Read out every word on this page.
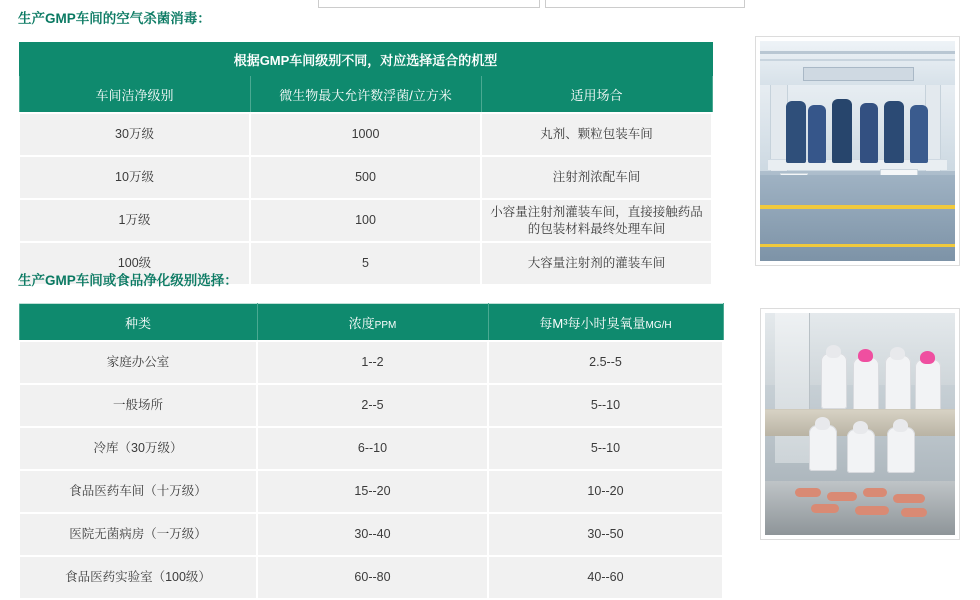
生产GMP车间的空气杀菌消毒：
根据GMP车间级别不同，对应选择适合的机型		
车间洁净级别	微生物最大允许数浮菌/立方米	适用场合
30万级	1000	丸剂、颗粒包装车间
10万级	500	注射剂浓配车间
1万级	100	小容量注射剂灌装车间，直接接触药品的包装材料最终处理车间
100级	5	大容量注射剂的灌装车间
生产GMP车间或食品净化级别选择：
种类	浓度PPM	每M³每小时臭氧量MG/H
家庭办公室	1--2	2.5--5
一般场所	2--5	5--10
冷库（30万级）	6--10	5--10
食品医药车间（十万级）	15--20	10--20
医院无菌病房（一万级）	30--40	30--50
食品医药实验室（100级）	60--80	40--60
